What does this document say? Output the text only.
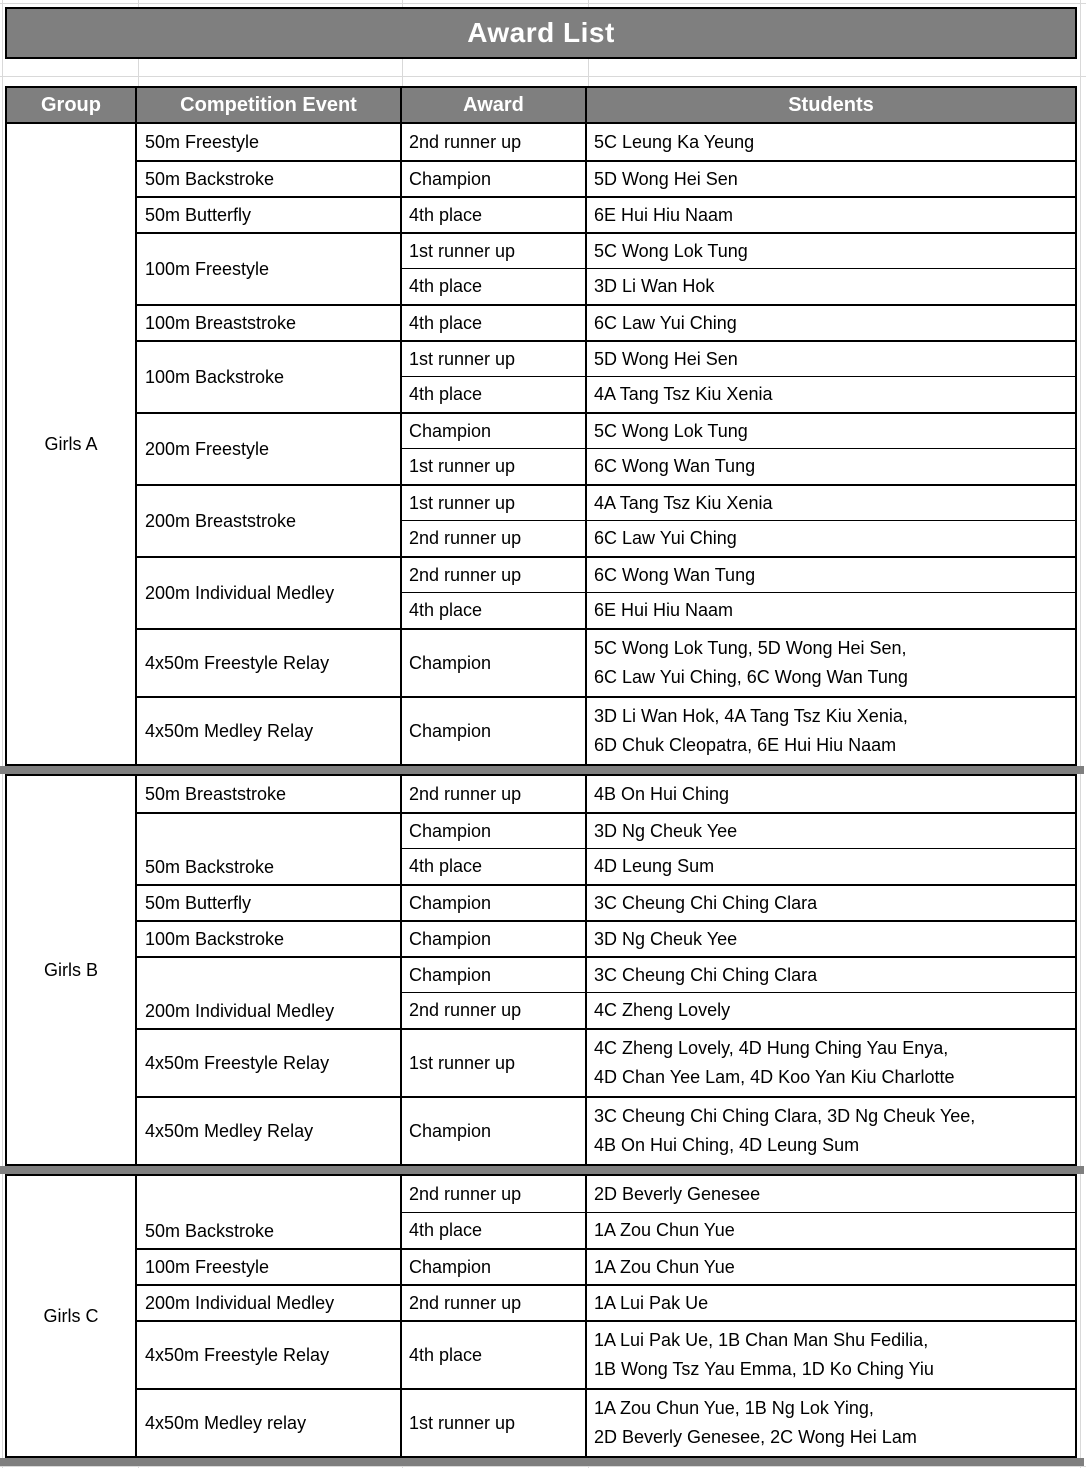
Award List
Group	Competition Event	Award	Students
Girls A
50m Freestyle	2nd runner up	5C Leung Ka Yeung
50m Backstroke	Champion	5D Wong Hei Sen
50m Butterfly	4th place	6E Hui Hiu Naam
100m Freestyle
1st runner up	5C Wong Lok Tung
4th place	3D Li Wan Hok
100m Breaststroke	4th place	6C Law Yui Ching
100m Backstroke
1st runner up	5D Wong Hei Sen
4th place	4A Tang Tsz Kiu Xenia
200m Freestyle
Champion	5C Wong Lok Tung
1st runner up	6C Wong Wan Tung
200m Breaststroke
1st runner up	4A Tang Tsz Kiu Xenia
2nd runner up	6C Law Yui Ching
200m Individual Medley
2nd runner up	6C Wong Wan Tung
4th place	6E Hui Hiu Naam
4x50m Freestyle Relay	Champion
5C Wong Lok Tung, 5D Wong Hei Sen,
6C Law Yui Ching, 6C Wong Wan Tung
4x50m Medley Relay	Champion
3D Li Wan Hok, 4A Tang Tsz Kiu Xenia,
6D Chuk Cleopatra, 6E Hui Hiu Naam
Girls B
50m Breaststroke	2nd runner up	4B On Hui Ching
50m Backstroke
Champion	3D Ng Cheuk Yee
4th place	4D Leung Sum
50m Butterfly	Champion	3C Cheung Chi Ching Clara
100m Backstroke	Champion	3D Ng Cheuk Yee
200m Individual Medley
Champion	3C Cheung Chi Ching Clara
2nd runner up	4C Zheng Lovely
4x50m Freestyle Relay	1st runner up
4C Zheng Lovely, 4D Hung Ching Yau Enya,
4D Chan Yee Lam, 4D Koo Yan Kiu Charlotte
4x50m Medley Relay	Champion
3C Cheung Chi Ching Clara, 3D Ng Cheuk Yee,
4B On Hui Ching, 4D Leung Sum
Girls C
50m Backstroke
2nd runner up	2D Beverly Genesee
4th place	1A Zou Chun Yue
100m Freestyle	Champion	1A Zou Chun Yue
200m Individual Medley	2nd runner up	1A Lui Pak Ue
4x50m Freestyle Relay	4th place
1A Lui Pak Ue, 1B Chan Man Shu Fedilia,
1B Wong Tsz Yau Emma, 1D Ko Ching Yiu
4x50m Medley relay	1st runner up
1A Zou Chun Yue, 1B Ng Lok Ying,
2D Beverly Genesee, 2C Wong Hei Lam
